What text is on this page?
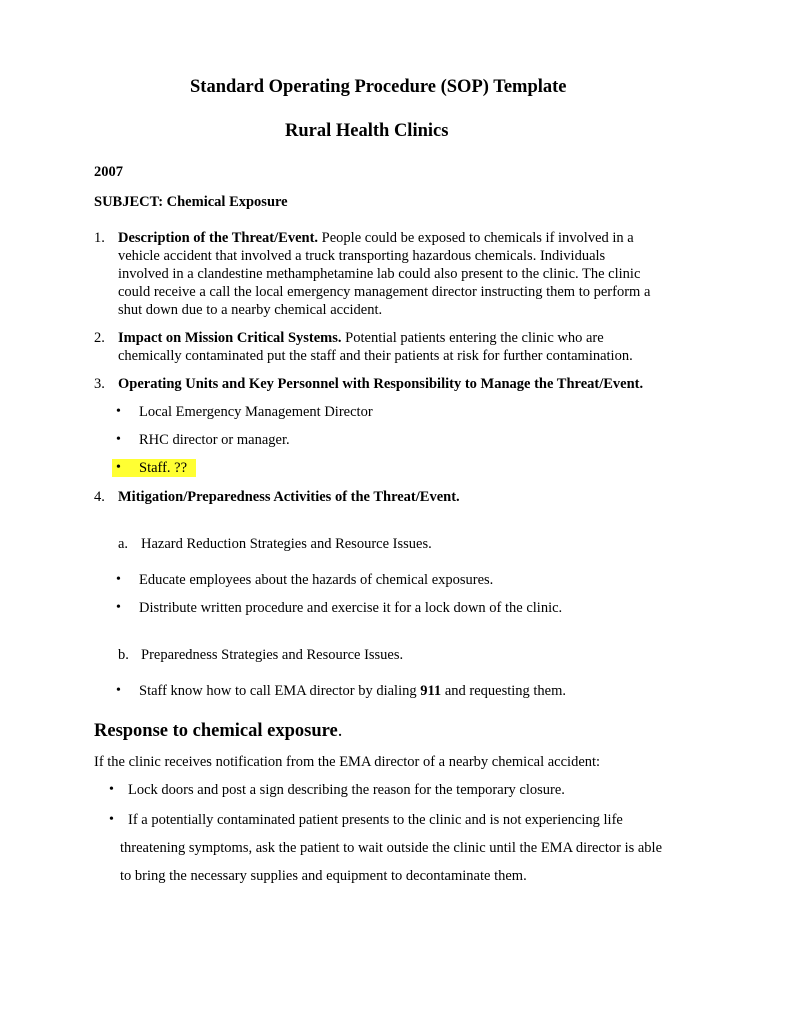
Standard Operating Procedure (SOP) Template
Rural Health Clinics
2007
SUBJECT: Chemical Exposure
1. Description of the Threat/Event. People could be exposed to chemicals if involved in a
vehicle accident that involved a truck transporting hazardous chemicals. Individuals
involved in a clandestine methamphetamine lab could also present to the clinic. The clinic
could receive a call the local emergency management director instructing them to perform a
shut down due to a nearby chemical accident.
2. Impact on Mission Critical Systems. Potential patients entering the clinic who are
chemically contaminated put the staff and their patients at risk for further contamination.
3. Operating Units and Key Personnel with Responsibility to Manage the Threat/Event.
• Local Emergency Management Director
• RHC director or manager.
• Staff. ??
4. Mitigation/Preparedness Activities of the Threat/Event.
a. Hazard Reduction Strategies and Resource Issues.
• Educate employees about the hazards of chemical exposures.
• Distribute written procedure and exercise it for a lock down of the clinic.
b. Preparedness Strategies and Resource Issues.
• Staff know how to call EMA director by dialing 911 and requesting them.
Response to chemical exposure.
If the clinic receives notification from the EMA director of a nearby chemical accident:
• Lock doors and post a sign describing the reason for the temporary closure.
• If a potentially contaminated patient presents to the clinic and is not experiencing life
threatening symptoms, ask the patient to wait outside the clinic until the EMA director is able
to bring the necessary supplies and equipment to decontaminate them.
